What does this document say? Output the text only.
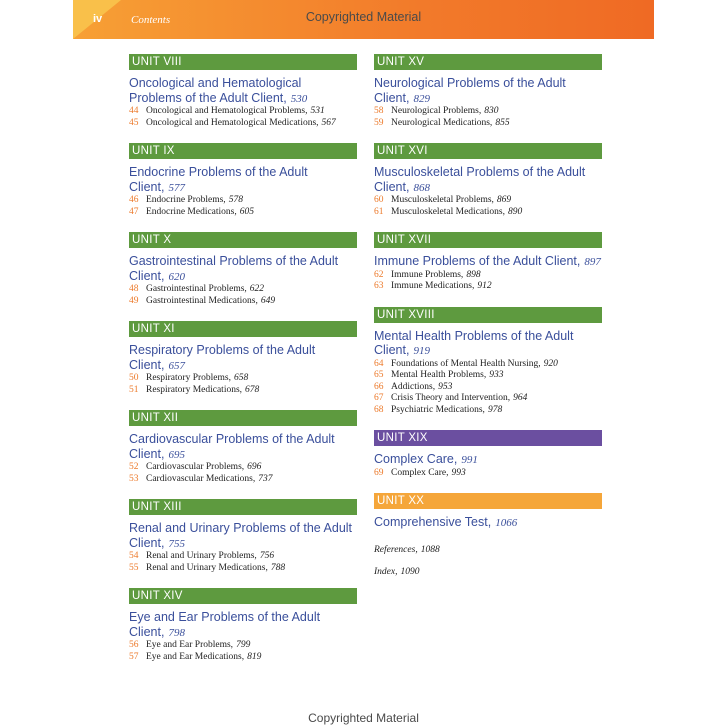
iv	Contents	Copyrighted Material
UNIT VIII
Oncological and Hematological Problems of the Adult Client, 530
44 Oncological and Hematological Problems, 531
45 Oncological and Hematological Medications, 567
UNIT IX
Endocrine Problems of the Adult Client, 577
46 Endocrine Problems, 578
47 Endocrine Medications, 605
UNIT X
Gastrointestinal Problems of the Adult Client, 620
48 Gastrointestinal Problems, 622
49 Gastrointestinal Medications, 649
UNIT XI
Respiratory Problems of the Adult Client, 657
50 Respiratory Problems, 658
51 Respiratory Medications, 678
UNIT XII
Cardiovascular Problems of the Adult Client, 695
52 Cardiovascular Problems, 696
53 Cardiovascular Medications, 737
UNIT XIII
Renal and Urinary Problems of the Adult Client, 755
54 Renal and Urinary Problems, 756
55 Renal and Urinary Medications, 788
UNIT XIV
Eye and Ear Problems of the Adult Client, 798
56 Eye and Ear Problems, 799
57 Eye and Ear Medications, 819
UNIT XV
Neurological Problems of the Adult Client, 829
58 Neurological Problems, 830
59 Neurological Medications, 855
UNIT XVI
Musculoskeletal Problems of the Adult Client, 868
60 Musculoskeletal Problems, 869
61 Musculoskeletal Medications, 890
UNIT XVII
Immune Problems of the Adult Client, 897
62 Immune Problems, 898
63 Immune Medications, 912
UNIT XVIII
Mental Health Problems of the Adult Client, 919
64 Foundations of Mental Health Nursing, 920
65 Mental Health Problems, 933
66 Addictions, 953
67 Crisis Theory and Intervention, 964
68 Psychiatric Medications, 978
UNIT XIX
Complex Care, 991
69 Complex Care, 993
UNIT XX
Comprehensive Test, 1066
References, 1088
Index, 1090
Copyrighted Material
